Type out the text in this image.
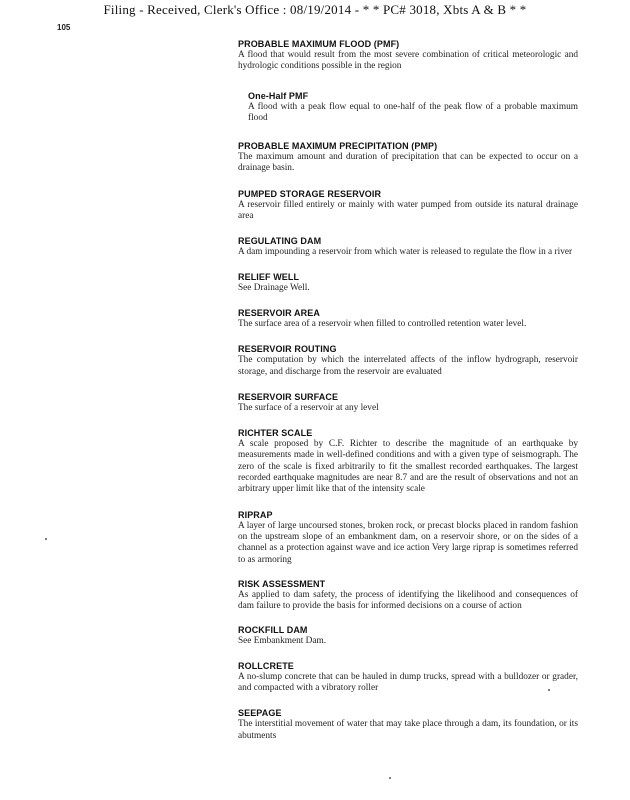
Filing - Received, Clerk's Office : 08/19/2014 - * * PC# 3018, Xbts A & B * *
105
PROBABLE MAXIMUM FLOOD (PMF)
A flood that would result from the most severe combination of critical meteorologic and hydrologic conditions possible in the region
One-Half PMF
A flood with a peak flow equal to one-half of the peak flow of a probable maximum flood
PROBABLE MAXIMUM PRECIPITATION (PMP)
The maximum amount and duration of precipitation that can be expected to occur on a drainage basin.
PUMPED STORAGE RESERVOIR
A reservoir filled entirely or mainly with water pumped from outside its natural drainage area
REGULATING DAM
A dam impounding a reservoir from which water is released to regulate the flow in a river
RELIEF WELL
See Drainage Well.
RESERVOIR AREA
The surface area of a reservoir when filled to controlled retention water level.
RESERVOIR ROUTING
The computation by which the interrelated affects of the inflow hydrograph, reservoir storage, and discharge from the reservoir are evaluated
RESERVOIR SURFACE
The surface of a reservoir at any level
RICHTER SCALE
A scale proposed by C.F. Richter to describe the magnitude of an earthquake by measurements made in well-defined conditions and with a given type of seismograph. The zero of the scale is fixed arbitrarily to fit the smallest recorded earthquakes. The largest recorded earthquake magnitudes are near 8.7 and are the result of observations and not an arbitrary upper limit like that of the intensity scale
RIPRAP
A layer of large uncoursed stones, broken rock, or precast blocks placed in random fashion on the upstream slope of an embankment dam, on a reservoir shore, or on the sides of a channel as a protection against wave and ice action Very large riprap is sometimes referred to as armoring
RISK ASSESSMENT
As applied to dam safety, the process of identifying the likelihood and consequences of dam failure to provide the basis for informed decisions on a course of action
ROCKFILL DAM
See Embankment Dam.
ROLLCRETE
A no-slump concrete that can be hauled in dump trucks, spread with a bulldozer or grader, and compacted with a vibratory roller
SEEPAGE
The interstitial movement of water that may take place through a dam, its foundation, or its abutments
